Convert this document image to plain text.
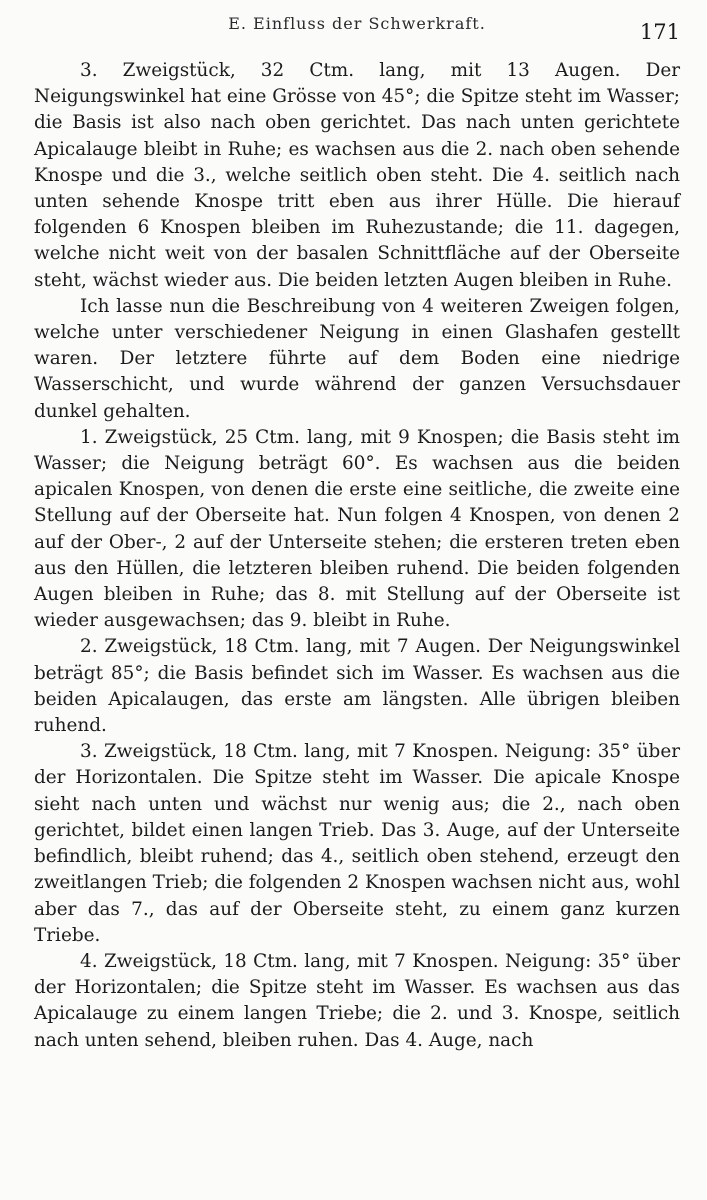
E. Einfluss der Schwerkraft.	171

3. Zweigstück, 32 Ctm. lang, mit 13 Augen. Der Neigungswinkel hat eine Grösse von 45°; die Spitze steht im Wasser; die Basis ist also nach oben gerichtet. Das nach unten gerichtete Apicalauge bleibt in Ruhe; es wachsen aus die 2. nach oben sehende Knospe und die 3., welche seitlich oben steht. Die 4. seitlich nach unten sehende Knospe tritt eben aus ihrer Hülle. Die hierauf folgenden 6 Knospen bleiben im Ruhezustande; die 11. dagegen, welche nicht weit von der basalen Schnittfläche auf der Oberseite steht, wächst wieder aus. Die beiden letzten Augen bleiben in Ruhe.

Ich lasse nun die Beschreibung von 4 weiteren Zweigen folgen, welche unter verschiedener Neigung in einen Glashafen gestellt waren. Der letztere führte auf dem Boden eine niedrige Wasserschicht, und wurde während der ganzen Versuchsdauer dunkel gehalten.

1. Zweigstück, 25 Ctm. lang, mit 9 Knospen; die Basis steht im Wasser; die Neigung beträgt 60°. Es wachsen aus die beiden apicalen Knospen, von denen die erste eine seitliche, die zweite eine Stellung auf der Oberseite hat. Nun folgen 4 Knospen, von denen 2 auf der Ober-, 2 auf der Unterseite stehen; die ersteren treten eben aus den Hüllen, die letzteren bleiben ruhend. Die beiden folgenden Augen bleiben in Ruhe; das 8. mit Stellung auf der Oberseite ist wieder ausgewachsen; das 9. bleibt in Ruhe.

2. Zweigstück, 18 Ctm. lang, mit 7 Augen. Der Neigungswinkel beträgt 85°; die Basis befindet sich im Wasser. Es wachsen aus die beiden Apicalaugen, das erste am längsten. Alle übrigen bleiben ruhend.

3. Zweigstück, 18 Ctm. lang, mit 7 Knospen. Neigung: 35° über der Horizontalen. Die Spitze steht im Wasser. Die apicale Knospe sieht nach unten und wächst nur wenig aus; die 2., nach oben gerichtet, bildet einen langen Trieb. Das 3. Auge, auf der Unterseite befindlich, bleibt ruhend; das 4., seitlich oben stehend, erzeugt den zweitlangen Trieb; die folgenden 2 Knospen wachsen nicht aus, wohl aber das 7., das auf der Oberseite steht, zu einem ganz kurzen Triebe.

4. Zweigstück, 18 Ctm. lang, mit 7 Knospen. Neigung: 35° über der Horizontalen; die Spitze steht im Wasser. Es wachsen aus das Apicalauge zu einem langen Triebe; die 2. und 3. Knospe, seitlich nach unten sehend, bleiben ruhen. Das 4. Auge, nach
